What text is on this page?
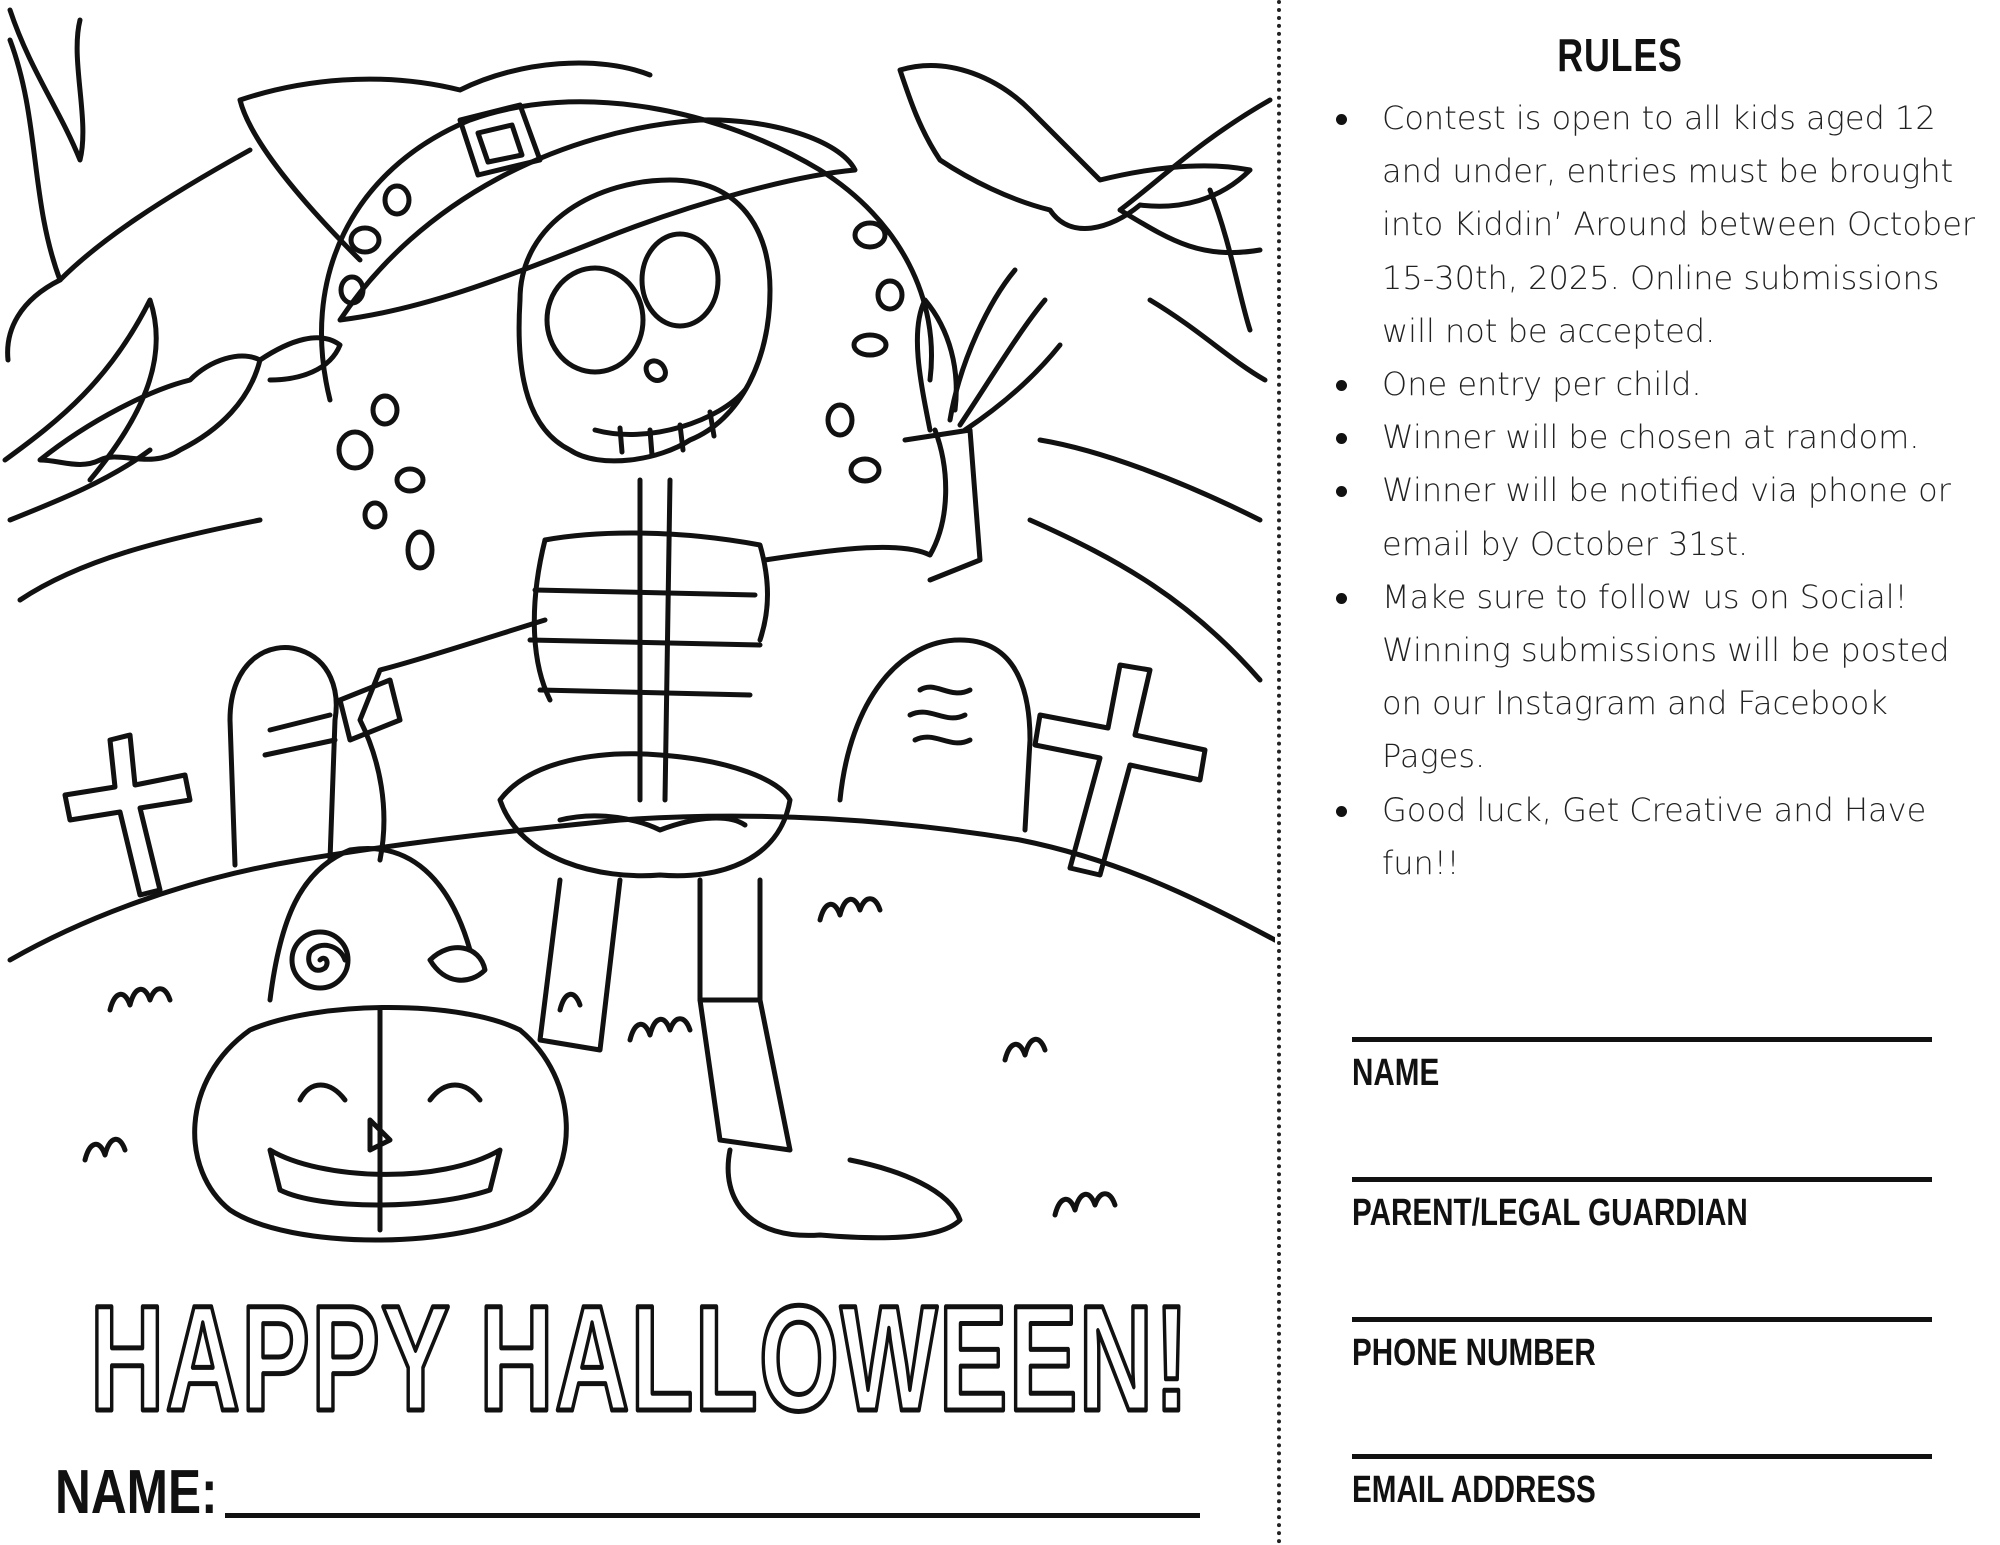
HAPPY HALLOWEEN!
NAME:
RULES
Contest is open to all kids aged 12 and under, entries must be brought into Kiddin’ Around between October 15-30th, 2025. Online submissions will not be accepted.
One entry per child.
Winner will be chosen at random.
Winner will be notified via phone or email by October 31st.
Make sure to follow us on Social! Winning submissions will be posted on our Instagram and Facebook Pages.
Good luck, Get Creative and Have fun!!
NAME
PARENT/LEGAL GUARDIAN
PHONE NUMBER
EMAIL ADDRESS
